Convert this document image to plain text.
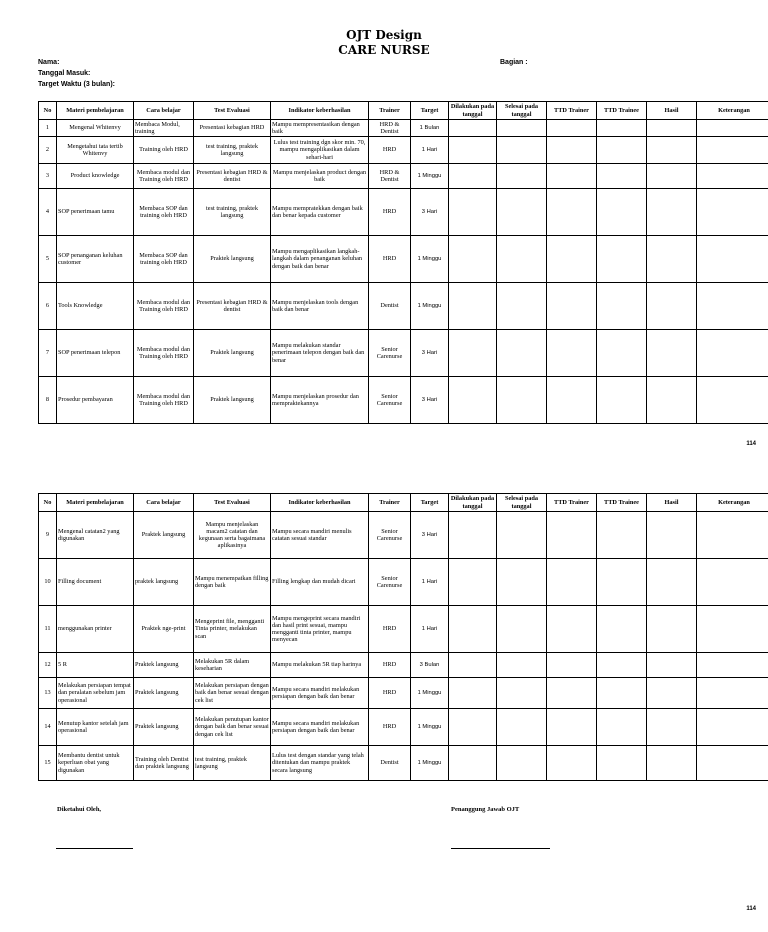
OJT Design
CARE NURSE
Nama:
Tanggal Masuk:
Target Waktu (3 bulan):
Bagian :
No	Materi pembelajaran	Cara belajar	Test Evaluasi	Indikator keberhasilan	Trainer	Target	Dilakukan pada tanggal	Selesai pada tanggal	TTD Trainer	TTD Trainee	Hasil	Keterangan
1	Mengenal Whitenvy	Membaca Modul, training	Presentasi kebagian HRD	Mampu mempresentasikan dengan baik	HRD & Dentist	1 Bulan						
2	Mengetahui tata tertib Whitenvy	Training oleh HRD	test training, praktek langsung	Lulus test training dgn skor min. 70, mampu mengaplikasikan dalam sehari-hari	HRD	1 Hari						
3	Product knowledge	Membaca modul dan Training oleh HRD	Presentasi kebagian HRD & dentist	Mampu menjelaskan product dengan baik	HRD & Dentist	1 Minggu						
4	SOP penerimaan tamu	Membaca SOP dan training oleh HRD	test training, praktek langsung	Mampu mempratekkan dengan baik dan benar kepada customer	HRD	3 Hari						
5	SOP penanganan keluhan customer	Membaca SOP dan training oleh HRD	Praktek langsung	Mampu mengaplikasikan langkah-langkah dalam penanganan keluhan dengan baik dan benar	HRD	1 Minggu						
6	Tools Knowledge	Membaca modul dan Training oleh HRD	Presentasi kebagian HRD & dentist	Mampu menjelaskan tools dengan baik dan benar	Dentist	1 Minggu						
7	SOP penerimaan telepon	Membaca modul dan Training oleh HRD	Praktek langsung	Mampu melakukan standar penerimaan telepon dengan baik dan benar	Senior Carenurse	3 Hari						
8	Prosedur pembayaran	Membaca modul dan Training oleh HRD	Praktek langsung	Mampu menjelaskan prosedur dan mempraktekannya	Senior Carenurse	3 Hari						
114
No	Materi pembelajaran	Cara belajar	Test Evaluasi	Indikator keberhasilan	Trainer	Target	Dilakukan pada tanggal	Selesai pada tanggal	TTD Trainer	TTD Trainee	Hasil	Keterangan
9	Mengenal catatan2 yang digunakan	Praktek langsung	Mampu menjelaskan macam2 catatan dan kegunaan serta bagaimana aplikasinya	Mampu secara mandiri menulis catatan sesuai standar	Senior Carenurse	3 Hari						
10	Filling document	praktek langsung	Mampu menempatkan filling dengan baik	Filling lengkap dan mudah dicari	Senior Carenurse	1 Hari						
11	menggunakan printer	Praktek nge-print	Mengeprint file, mengganti Tinta printer, melakukan scan	Mampu mengeprint secara mandiri dan hasil print sesuai, mampu mengganti tinta printer, mampu menyecan	HRD	1 Hari						
12	5 R	Praktek langsung	Melakukan 5R dalam keseharian	Mampu melakukan 5R tiap harinya	HRD	3 Bulan						
13	Melakukan persiapan tempat dan peralatan sebelum jam operasional	Praktek langsung	Melakukan persiapan dengan baik dan benar sesuai dengan cek list	Mampu secara mandiri melakukan persiapan dengan baik dan benar	HRD	1 Minggu						
14	Menutup kantor setelah jam operasional	Praktek langsung	Melakukan penutupan kantor dengan baik dan benar sesuai dengan cek list	Mampu secara mandiri melakukan persiapan dengan baik dan benar	HRD	1 Minggu						
15	Membantu dentist untuk keperluan obat yang digunakan	Training oleh Dentist dan praktek langsung	test training, praktek langsung	Lulus test dengan standar yang telah ditentukan dan mampu praktek secara langsung	Dentist	1 Minggu						
Diketahui Oleh,	Penanggung Jawab OJT
114
